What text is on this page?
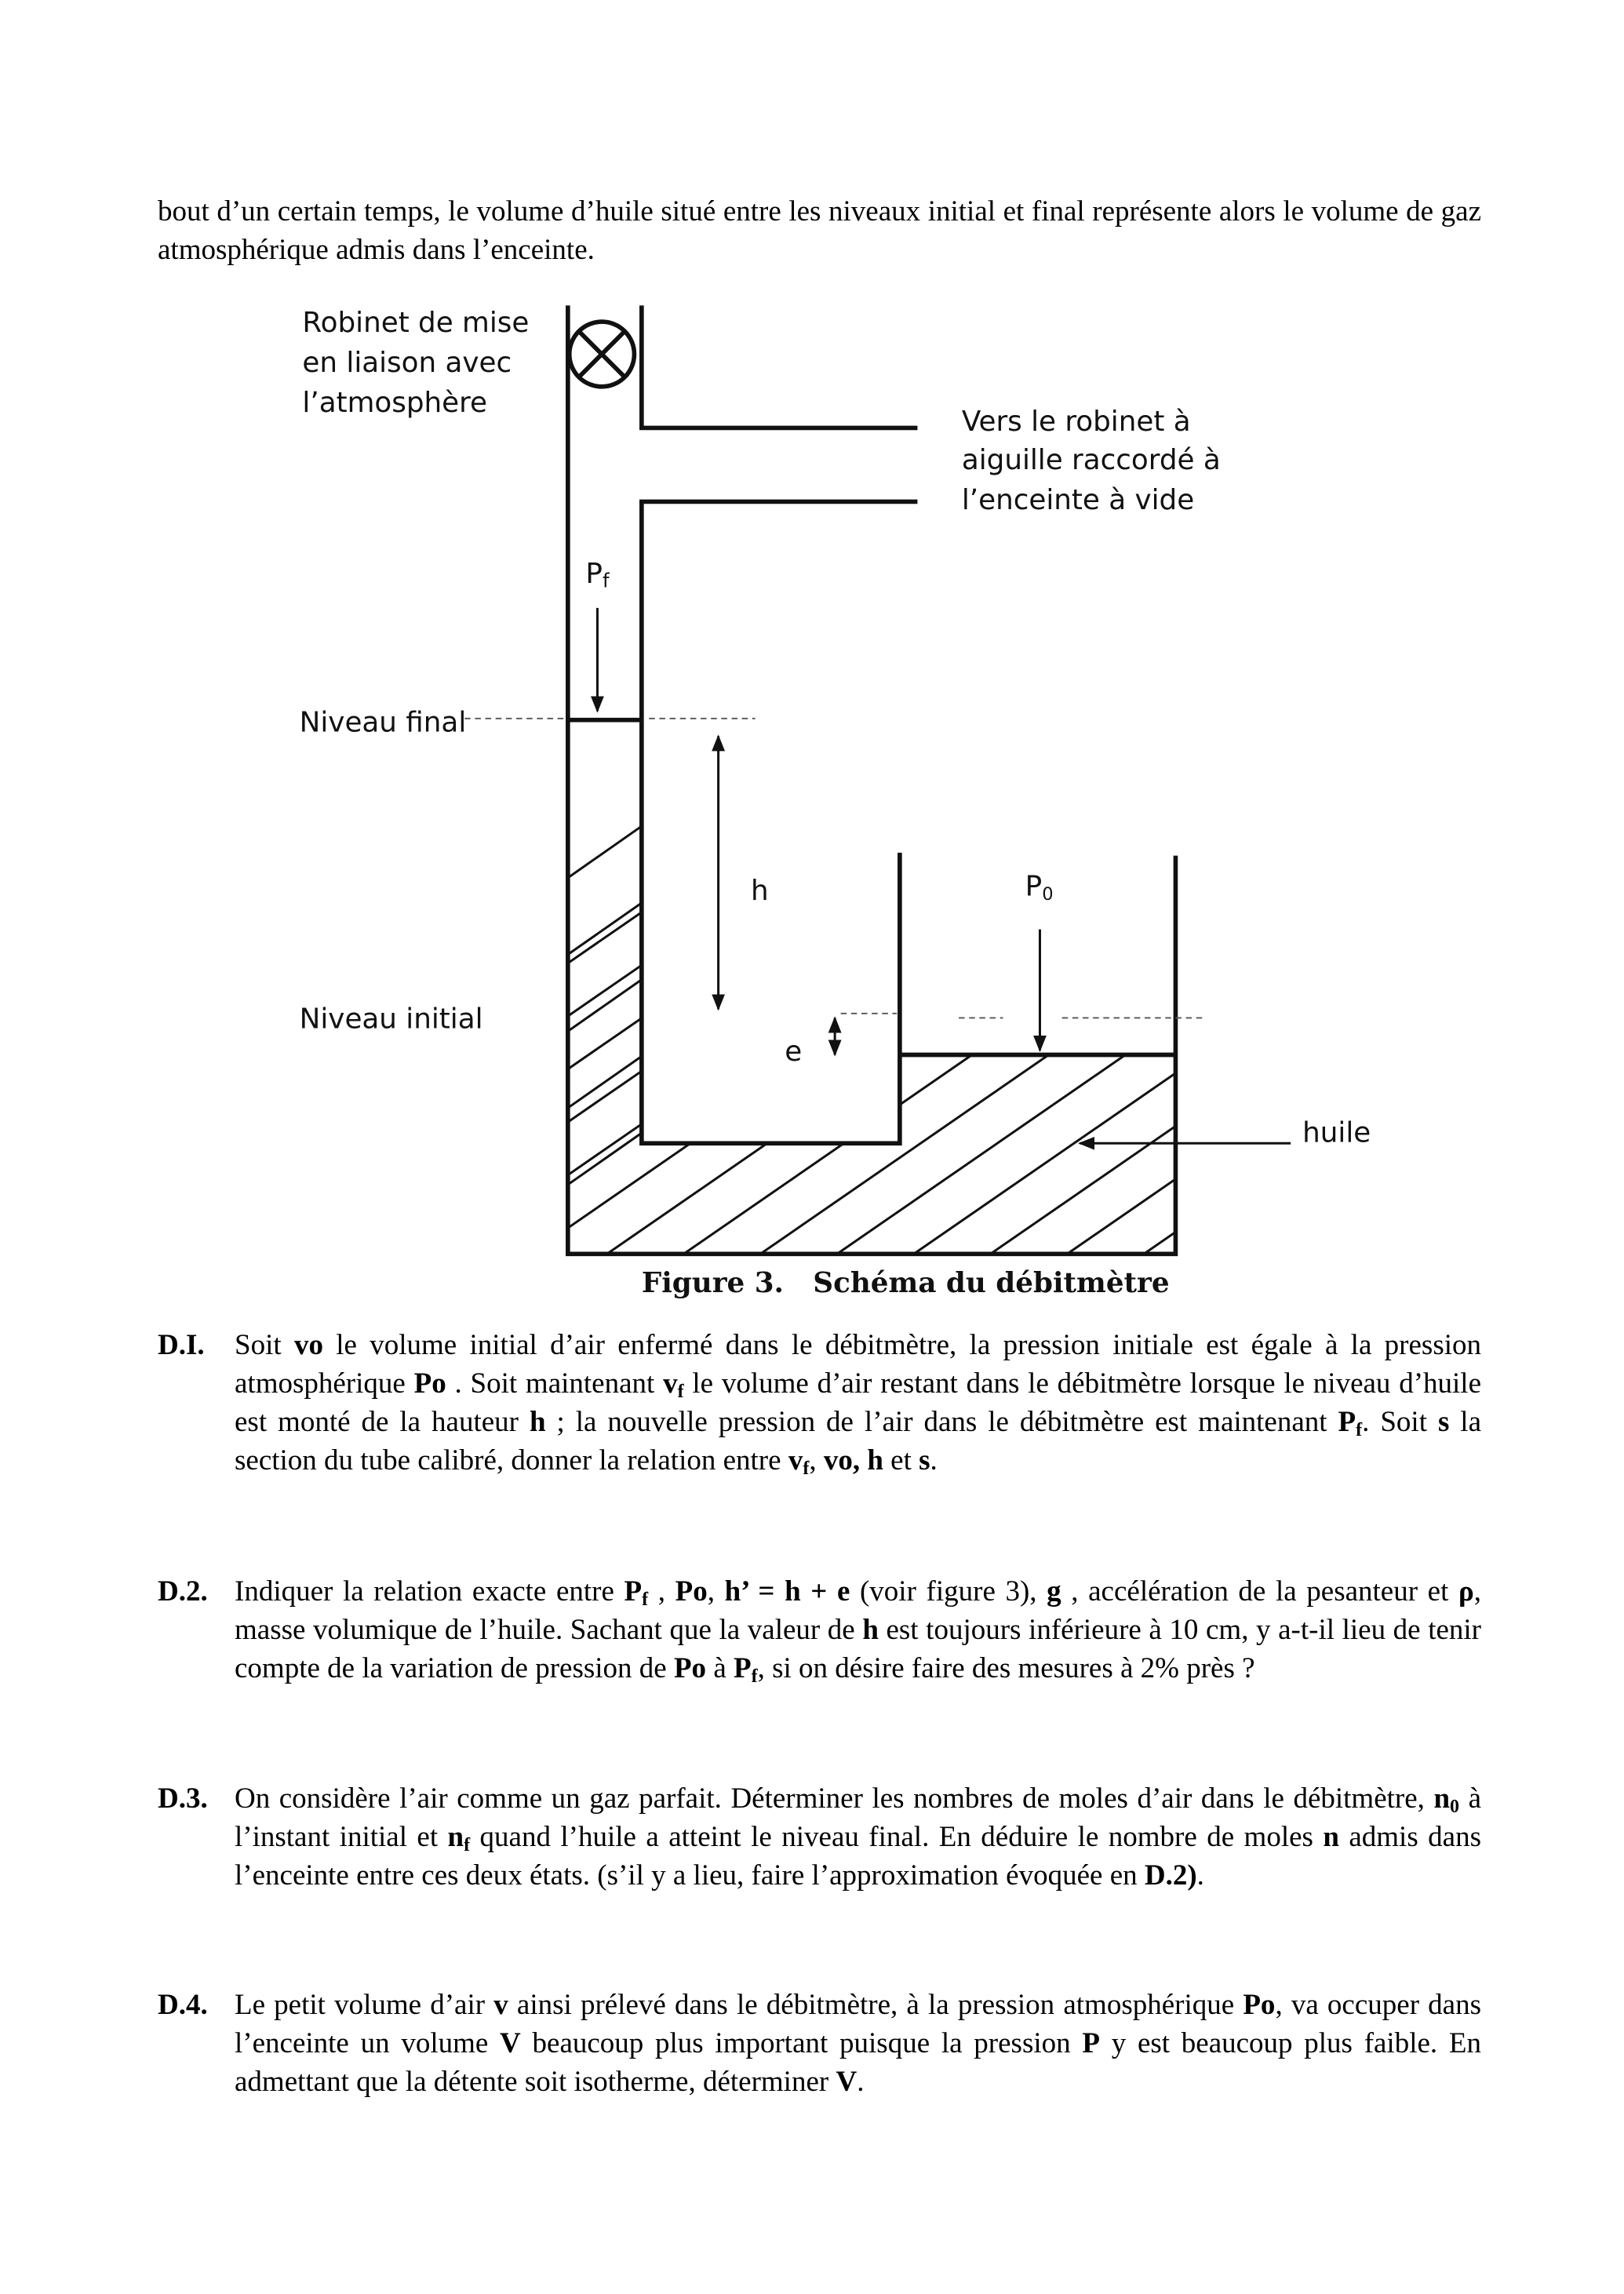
bout d’un certain temps, le volume d’huile situé entre les niveaux initial et final représente alors le volume de gaz atmosphérique admis dans l’enceinte.
Robinet de mise
en liaison avec
l’atmosphère
Vers le robinet à
aiguille raccordé à
l’enceinte à vide
Pf
Niveau final
h	P0
Niveau initial
e
huile
Figure 3.   Schéma du débitmètre
D.I. Soit vo le volume initial d’air enfermé dans le débitmètre, la pression initiale est égale à la pression atmosphérique Po . Soit maintenant $v_f$ le volume d’air restant dans le débitmètre lorsque le niveau d’huile est monté de la hauteur h ; la nouvelle pression de l’air dans le débitmètre est maintenant $P_f$. Soit s la section du tube calibré, donner la relation entre $v_f$, vo, h et s.
D.2. Indiquer la relation exacte entre $P_f$ , Po, h’ = h + e (voir figure 3), g , accélération de la pesanteur et ρ, masse volumique de l’huile. Sachant que la valeur de h est toujours inférieure à 10 cm, y a-t-il lieu de tenir compte de la variation de pression de Po à $P_f$, si on désire faire des mesures à 2% près ?
D.3. On considère l’air comme un gaz parfait. Déterminer les nombres de moles d’air dans le débitmètre, $n_0$ à l’instant initial et $n_f$ quand l’huile a atteint le niveau final. En déduire le nombre de moles n admis dans l’enceinte entre ces deux états. (s’il y a lieu, faire l’approximation évoquée en D.2).
D.4. Le petit volume d’air v ainsi prélevé dans le débitmètre, à la pression atmosphérique Po, va occuper dans l’enceinte un volume V beaucoup plus important puisque la pression P y est beaucoup plus faible. En admettant que la détente soit isotherme, déterminer V.
